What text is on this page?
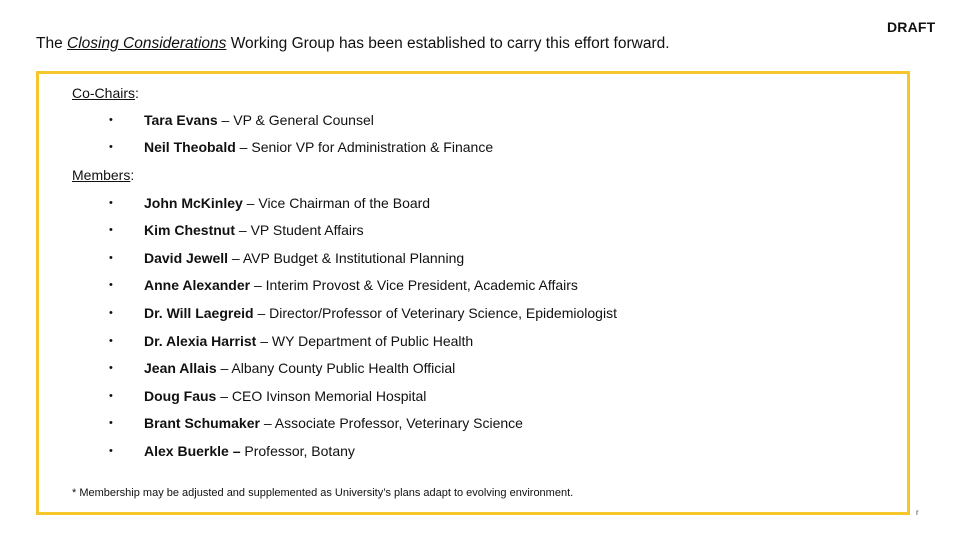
The Closing Considerations Working Group has been established to carry this effort forward.
DRAFT
Co-Chairs:
• Tara Evans – VP & General Counsel
• Neil Theobald – Senior VP for Administration & Finance
Members:
• John McKinley – Vice Chairman of the Board
• Kim Chestnut – VP Student Affairs
• David Jewell – AVP Budget & Institutional Planning
• Anne Alexander – Interim Provost & Vice President, Academic Affairs
• Dr. Will Laegreid – Director/Professor of Veterinary Science, Epidemiologist
• Dr. Alexia Harrist – WY Department of Public Health
• Jean Allais – Albany County Public Health Official
• Doug Faus – CEO Ivinson Memorial Hospital
• Brant Schumaker – Associate Professor, Veterinary Science
• Alex Buerkle – Professor, Botany
* Membership may be adjusted and supplemented as University’s plans adapt to evolving environment.
r
